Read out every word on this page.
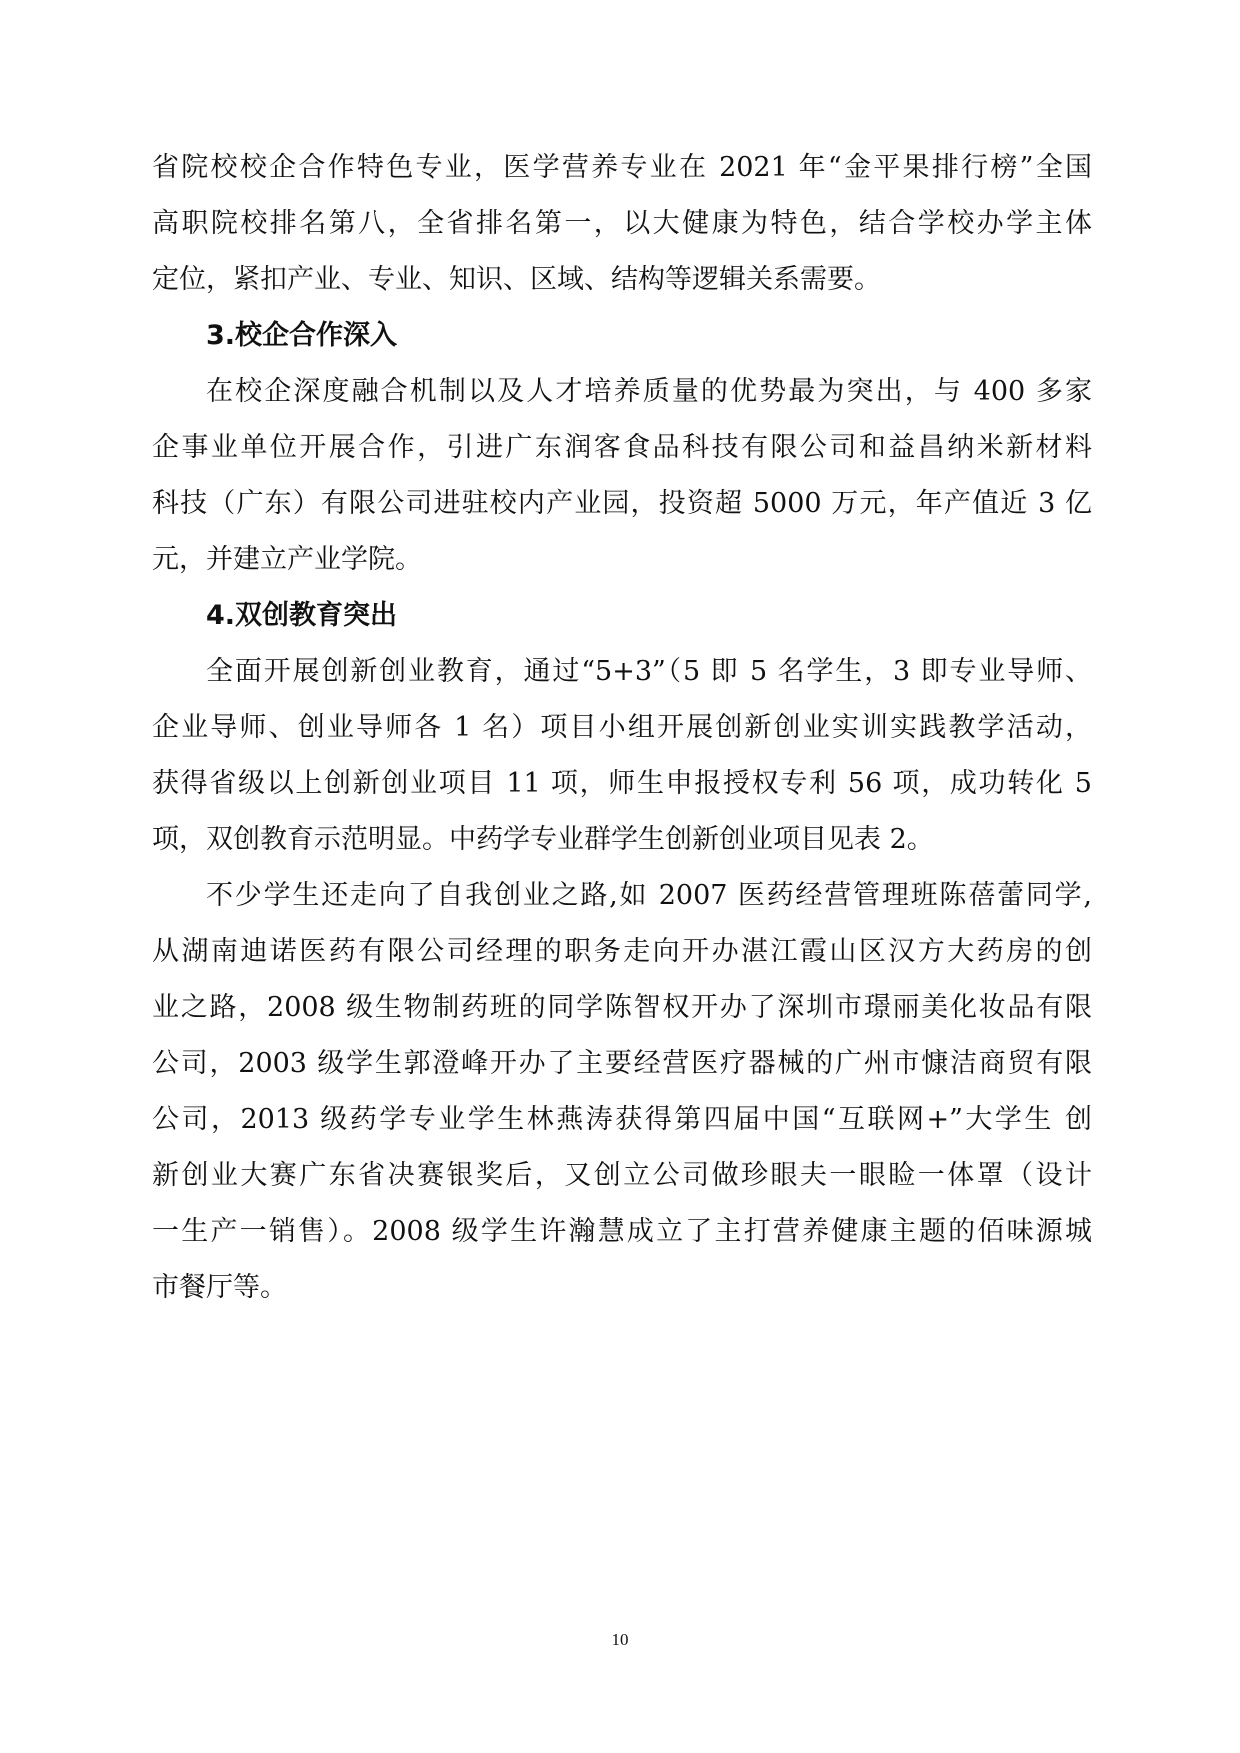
省院校校企合作特色专业，医学营养专业在 2021 年“金平果排行榜”全国
高职院校排名第八，全省排名第一，以大健康为特色，结合学校办学主体
定位，紧扣产业、专业、知识、区域、结构等逻辑关系需要。
3.校企合作深入
在校企深度融合机制以及人才培养质量的优势最为突出，与 400 多家
企事业单位开展合作，引进广东润客食品科技有限公司和益昌纳米新材料
科技（广东）有限公司进驻校内产业园，投资超 5000 万元，年产值近 3 亿
元，并建立产业学院。
4.双创教育突出
全面开展创新创业教育，通过“5+3”（5 即 5 名学生，3 即专业导师、
企业导师、创业导师各 1 名）项目小组开展创新创业实训实践教学活动，
获得省级以上创新创业项目 11 项，师生申报授权专利 56 项，成功转化 5
项，双创教育示范明显。中药学专业群学生创新创业项目见表 2。
不少学生还走向了自我创业之路,如 2007 医药经营管理班陈蓓蕾同学,
从湖南迪诺医药有限公司经理的职务走向开办湛江霞山区汉方大药房的创
业之路，2008 级生物制药班的同学陈智权开办了深圳市璟丽美化妆品有限
公司，2003 级学生郭澄峰开办了主要经营医疗器械的广州市慷洁商贸有限
公司，2013 级药学专业学生林燕涛获得第四届中国“互联网+”大学生 创
新创业大赛广东省决赛银奖后，又创立公司做珍眼夫一眼睑一体罩（设计
一生产一销售）。2008 级学生许瀚慧成立了主打营养健康主题的佰味源城
市餐厅等。
10
